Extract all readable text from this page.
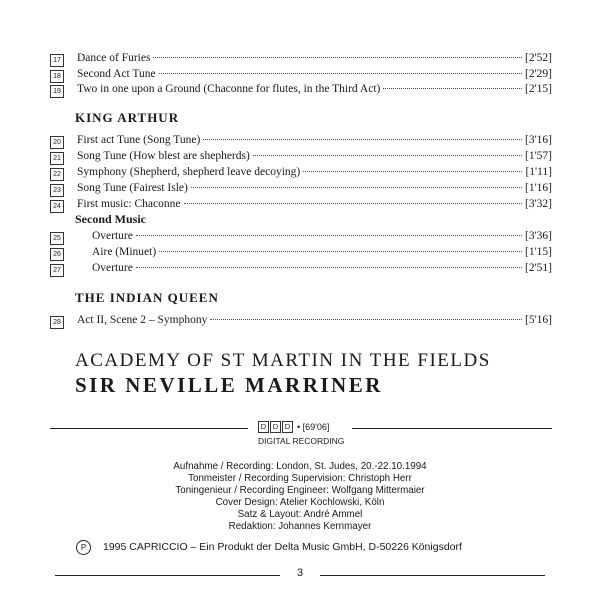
17 Dance of Furies	[2'52]
18 Second Act Tune	[2'29]
19 Two in one upon a Ground (Chaconne for flutes, in the Third Act)	[2'15]
KING ARTHUR
20 First act Tune (Song Tune)	[3'16]
21 Song Tune (How blest are shepherds)	[1'57]
22 Symphony (Shepherd, shepherd leave decoying)	[1'11]
23 Song Tune (Fairest Isle)	[1'16]
24 First music: Chaconne	[3'32]
Second Music
25	Overture	[3'36]
26	Aire (Minuet)	[1'15]
27	Overture	[2'51]
THE INDIAN QUEEN
28 Act II, Scene 2 – Symphony	[5'16]
ACADEMY OF ST MARTIN IN THE FIELDS
SIR NEVILLE MARRINER
D D D • [69'06]
DIGITAL RECORDING
Aufnahme / Recording: London, St. Judes, 20.-22.10.1994
Tonmeister / Recording Supervision: Christoph Herr
Toningenieur / Recording Engineer: Wolfgang Mittermaier
Cover Design: Atelier Kochlowski, Köln
Satz & Layout: André Ammel
Redaktion: Johannes Kernmayer
P	1995 CAPRICCIO – Ein Produkt der Delta Music GmbH, D-50226 Königsdorf
3
